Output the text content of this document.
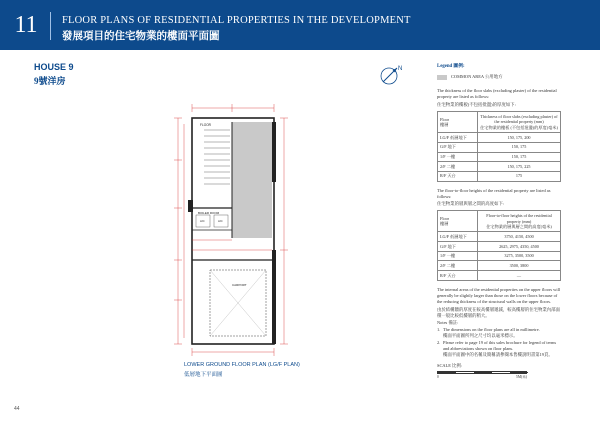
11	FLOOR PLANS OF RESIDENTIAL PROPERTIES IN THE DEVELOPMENT
發展項目的住宅物業的樓面平面圖
HOUSE 9
9號洋房
N
FLOOR
BOILER ROOM
A/C	A/C
CARPORT
LOWER GROUND FLOOR PLAN (LG/F PLAN)
低層地下平面圖
Legend 圖例:
COMMON AREA 公用地方
The thickness of the floor slabs (excluding plaster) of the residential property are listed as follows:
住宅物業的樓板(不包括批盪)的厚度如下:
Floor
樓層	Thickness of floor slabs (excluding plaster) of the residential property (mm)
住宅物業的樓板 (不包括批盪)的厚度(毫米)
LG/F 低層地下	150, 175, 200
G/F 地下	150, 175
1/F 一樓	150, 175
2/F 二樓	150, 175, 225
R/F 天台	175
The floor-to-floor heights of the residential property are listed as follows:
住宅物業的層與層之間的高度如下:
Floor
樓層	Floor-to-floor heights of the residential property (mm)
住宅物業的層與層之間的高度(毫米)
LG/F 低層地下	3750, 4150, 4500
G/F 地下	2625, 2975, 4350, 4500
1/F 一樓	3275, 3500, 3500
2/F 二樓	3500, 3800
R/F 天台	—
The internal areas of the residential properties on the upper floors will generally be slightly larger than those on the lower floors because of the reducing thickness of the structural walls on the upper floors.
由於結構牆的厚度在較高樓層遞減，較高樓層的住宅物業內部面積一般比較低樓層的稍大。
Notes 備註:
1. The dimensions on the floor plans are all in millimetre.
樓面平面圖所列之尺寸均以毫米標示。
2. Please refer to page 19 of this sales brochure for legend of terms and abbreviations shown on floor plans.
樓面平面圖中的名稱及簡稱請參閱本售樓說明書第19頁。
SCALE 比例:
0	5M(米)
44
